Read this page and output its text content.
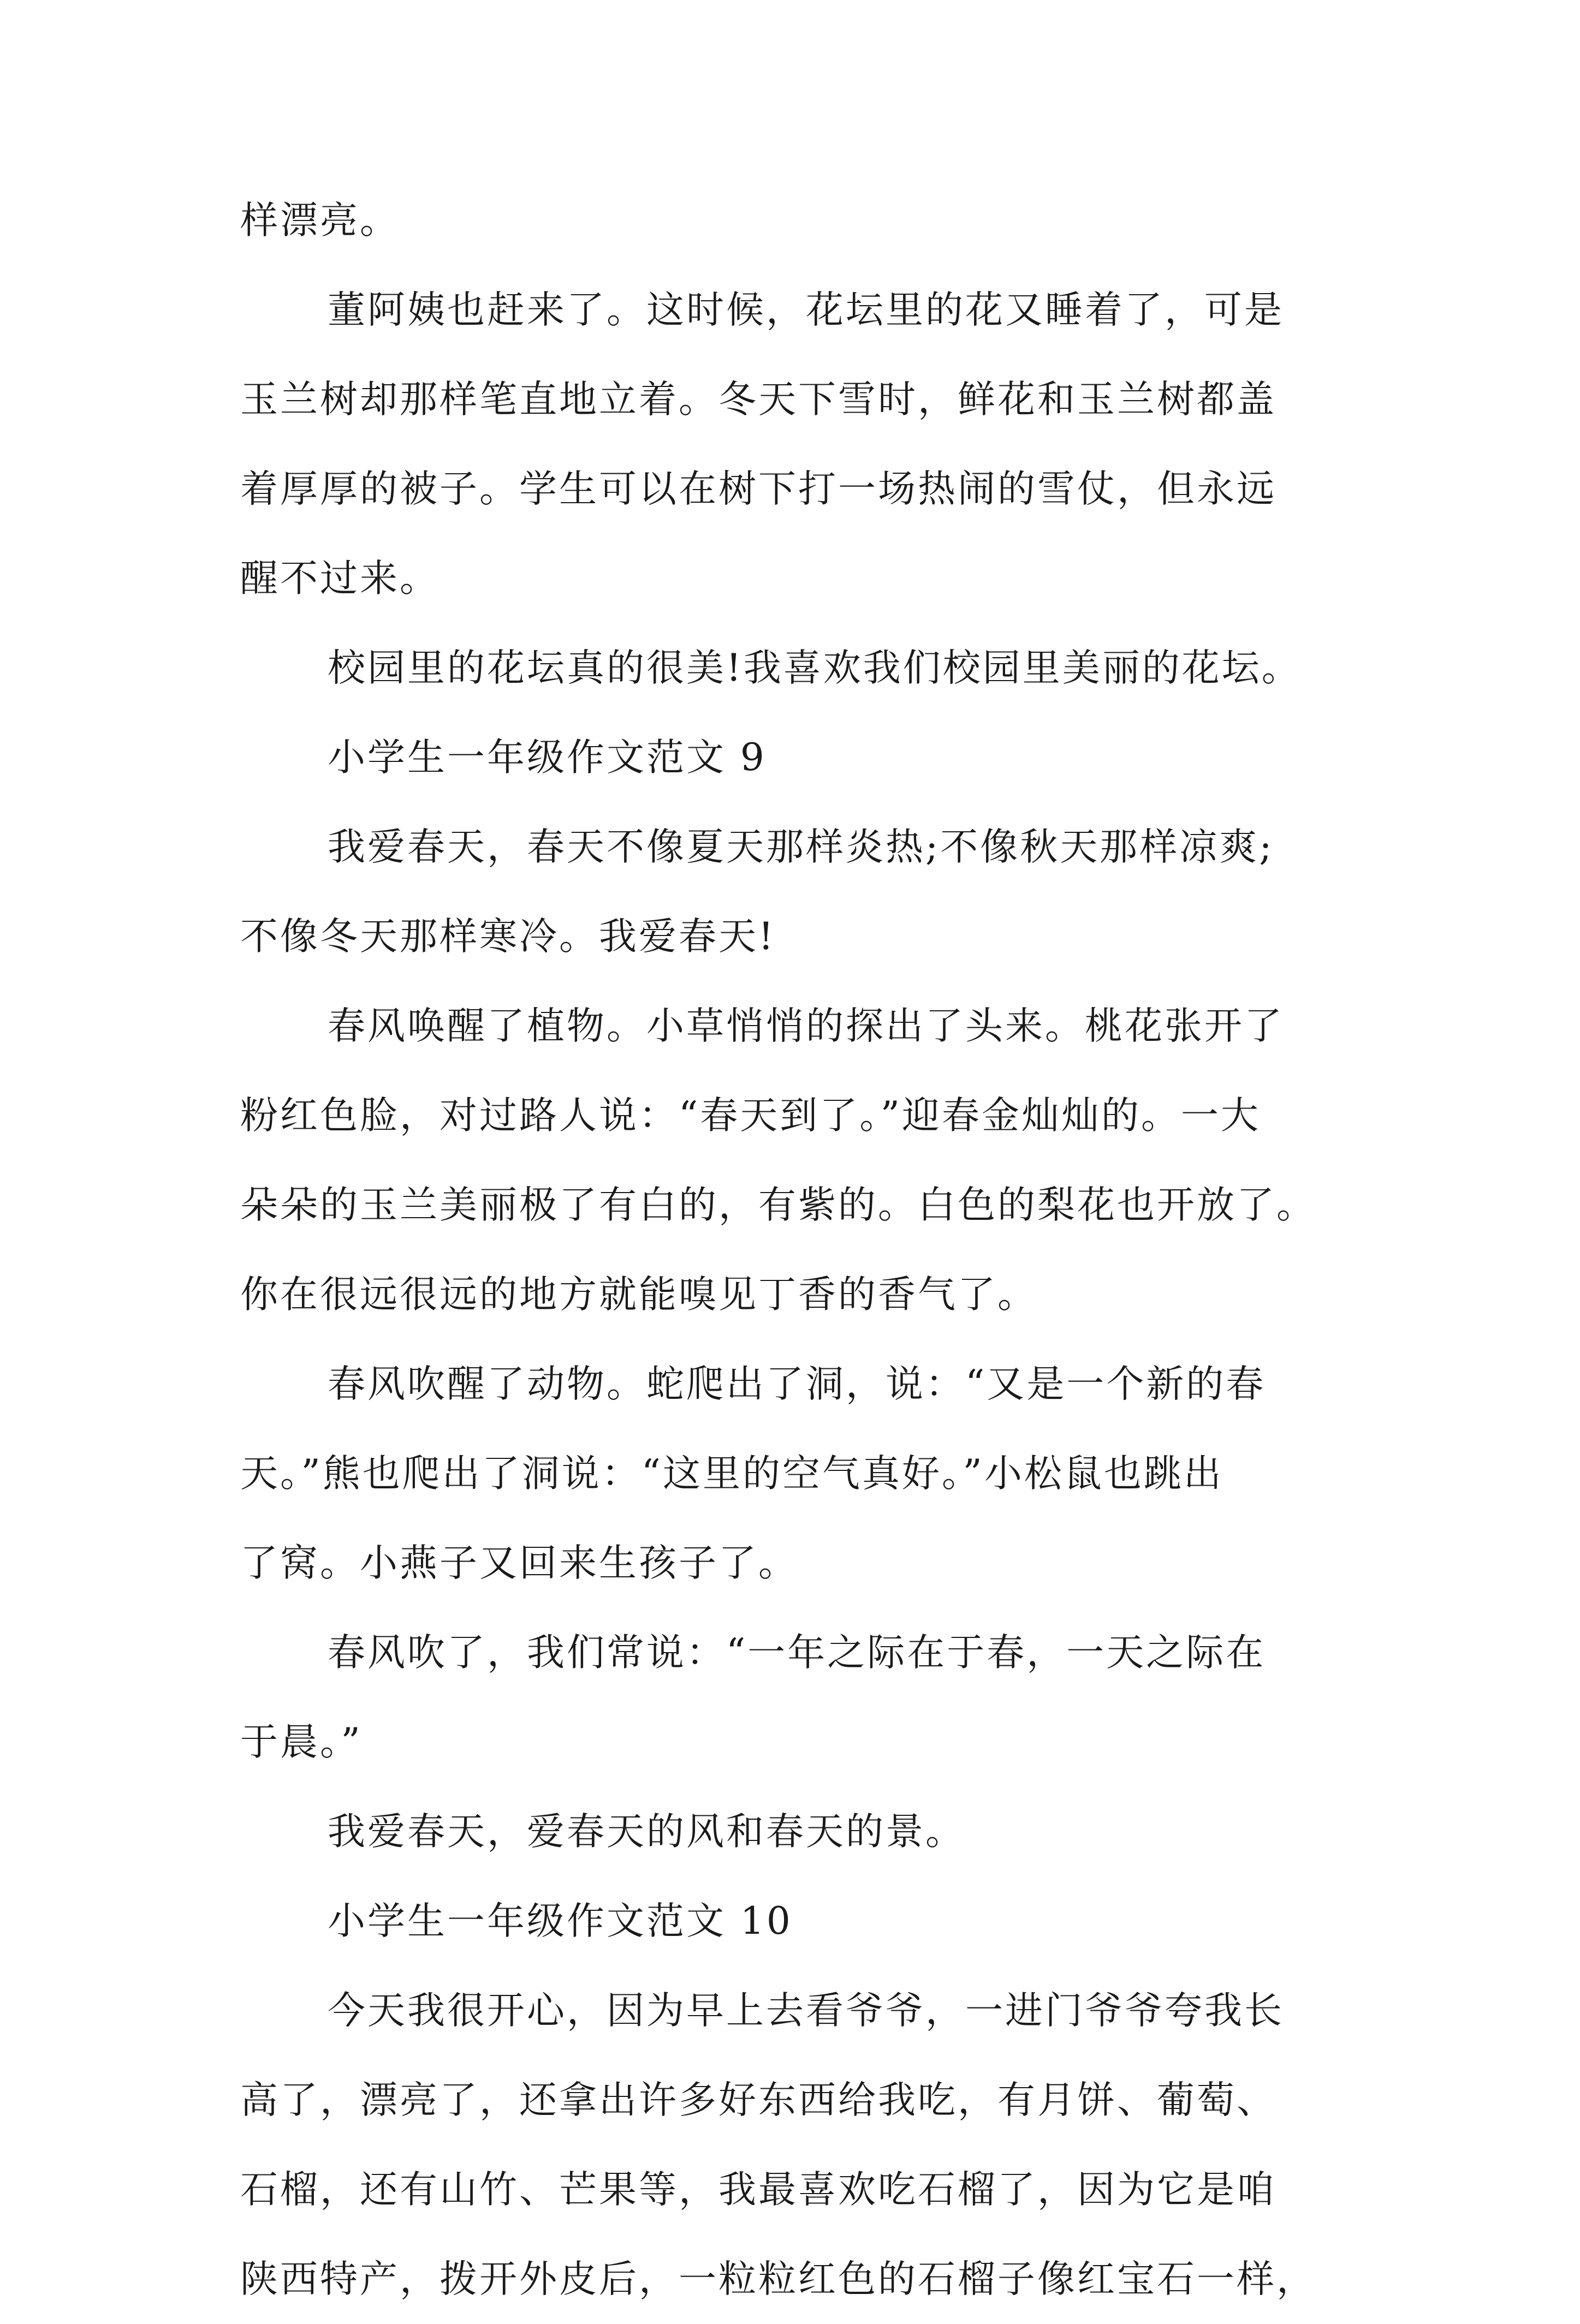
样漂亮。
董阿姨也赶来了。这时候，花坛里的花又睡着了，可是
玉兰树却那样笔直地立着。冬天下雪时，鲜花和玉兰树都盖
着厚厚的被子。学生可以在树下打一场热闹的雪仗，但永远
醒不过来。
校园里的花坛真的很美!我喜欢我们校园里美丽的花坛。
小学生一年级作文范文 9
我爱春天，春天不像夏天那样炎热;不像秋天那样凉爽;
不像冬天那样寒冷。我爱春天!
春风唤醒了植物。小草悄悄的探出了头来。桃花张开了
粉红色脸，对过路人说：“春天到了。”迎春金灿灿的。一大
朵朵的玉兰美丽极了有白的，有紫的。白色的梨花也开放了。
你在很远很远的地方就能嗅见丁香的香气了。
春风吹醒了动物。蛇爬出了洞，说：“又是一个新的春
天。”熊也爬出了洞说：“这里的空气真好。”小松鼠也跳出
了窝。小燕子又回来生孩子了。
春风吹了，我们常说：“一年之际在于春，一天之际在
于晨。”
我爱春天，爱春天的风和春天的景。
小学生一年级作文范文 10
今天我很开心，因为早上去看爷爷，一进门爷爷夸我长
高了，漂亮了，还拿出许多好东西给我吃，有月饼、葡萄、
石榴，还有山竹、芒果等，我最喜欢吃石榴了，因为它是咱
陕西特产，拨开外皮后，一粒粒红色的石榴子像红宝石一样，
